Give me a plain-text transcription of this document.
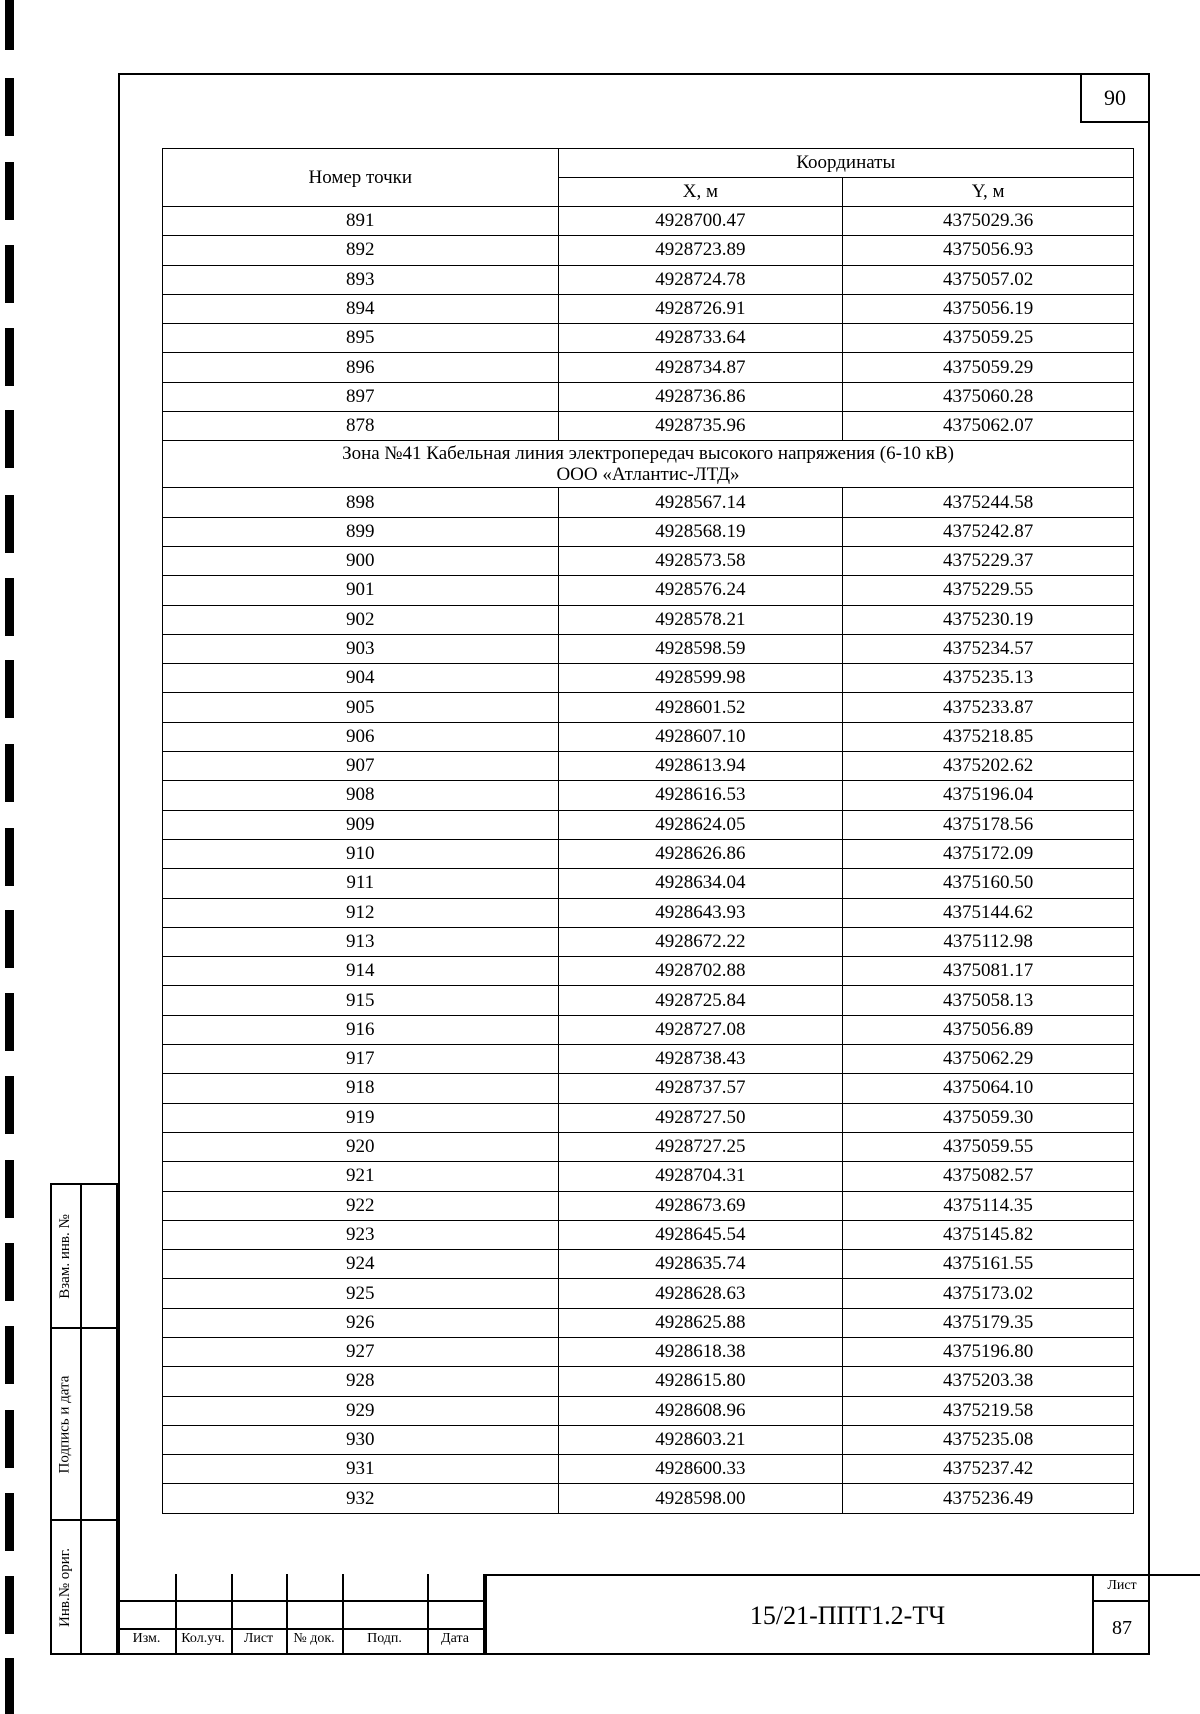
Взам. инв. №
Подпись и дата
Инв.№ ориг.
90
Номер точки	Координаты	
	X, м	Y, м
891	4928700.47	4375029.36
892	4928723.89	4375056.93
893	4928724.78	4375057.02
894	4928726.91	4375056.19
895	4928733.64	4375059.25
896	4928734.87	4375059.29
897	4928736.86	4375060.28
878	4928735.96	4375062.07

Зона №41 Кабельная линия электропередач высокого напряжения (6-10 кВ)
ООО «Атлантис-ЛТД»		

898	4928567.14	4375244.58
899	4928568.19	4375242.87
900	4928573.58	4375229.37
901	4928576.24	4375229.55
902	4928578.21	4375230.19
903	4928598.59	4375234.57
904	4928599.98	4375235.13
905	4928601.52	4375233.87
906	4928607.10	4375218.85
907	4928613.94	4375202.62
908	4928616.53	4375196.04
909	4928624.05	4375178.56
910	4928626.86	4375172.09
911	4928634.04	4375160.50
912	4928643.93	4375144.62
913	4928672.22	4375112.98
914	4928702.88	4375081.17
915	4928725.84	4375058.13
916	4928727.08	4375056.89
917	4928738.43	4375062.29
918	4928737.57	4375064.10
919	4928727.50	4375059.30
920	4928727.25	4375059.55
921	4928704.31	4375082.57
922	4928673.69	4375114.35
923	4928645.54	4375145.82
924	4928635.74	4375161.55
925	4928628.63	4375173.02
926	4928625.88	4375179.35
927	4928618.38	4375196.80
928	4928615.80	4375203.38
929	4928608.96	4375219.58
930	4928603.21	4375235.08
931	4928600.33	4375237.42
932	4928598.00	4375236.49
Изм.	Кол.уч.	Лист	№ док.	Подп.	Дата
15/21-ППТ1.2-ТЧ
Лист
87
